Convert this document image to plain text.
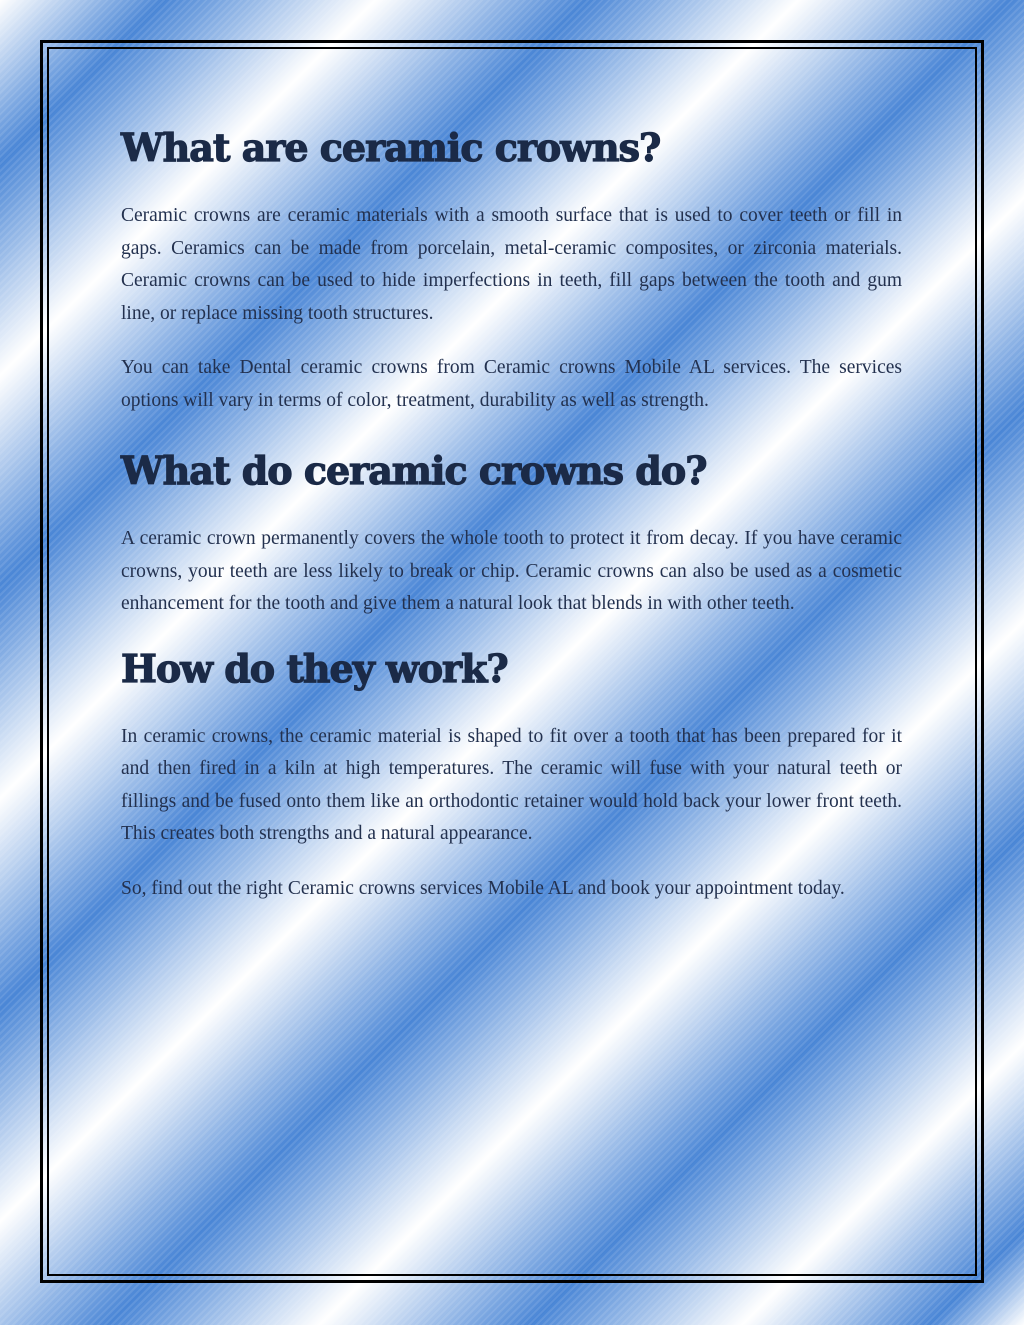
What are ceramic crowns?

Ceramic crowns are ceramic materials with a smooth surface that is used to cover teeth or fill in gaps. Ceramics can be made from porcelain, metal-ceramic composites, or zirconia materials. Ceramic crowns can be used to hide imperfections in teeth, fill gaps between the tooth and gum line, or replace missing tooth structures.

You can take Dental ceramic crowns from Ceramic crowns Mobile AL services. The services options will vary in terms of color, treatment, durability as well as strength.

What do ceramic crowns do?

A ceramic crown permanently covers the whole tooth to protect it from decay. If you have ceramic crowns, your teeth are less likely to break or chip. Ceramic crowns can also be used as a cosmetic enhancement for the tooth and give them a natural look that blends in with other teeth.

How do they work?

In ceramic crowns, the ceramic material is shaped to fit over a tooth that has been prepared for it and then fired in a kiln at high temperatures. The ceramic will fuse with your natural teeth or fillings and be fused onto them like an orthodontic retainer would hold back your lower front teeth. This creates both strengths and a natural appearance.

So, find out the right Ceramic crowns services Mobile AL and book your appointment today.
